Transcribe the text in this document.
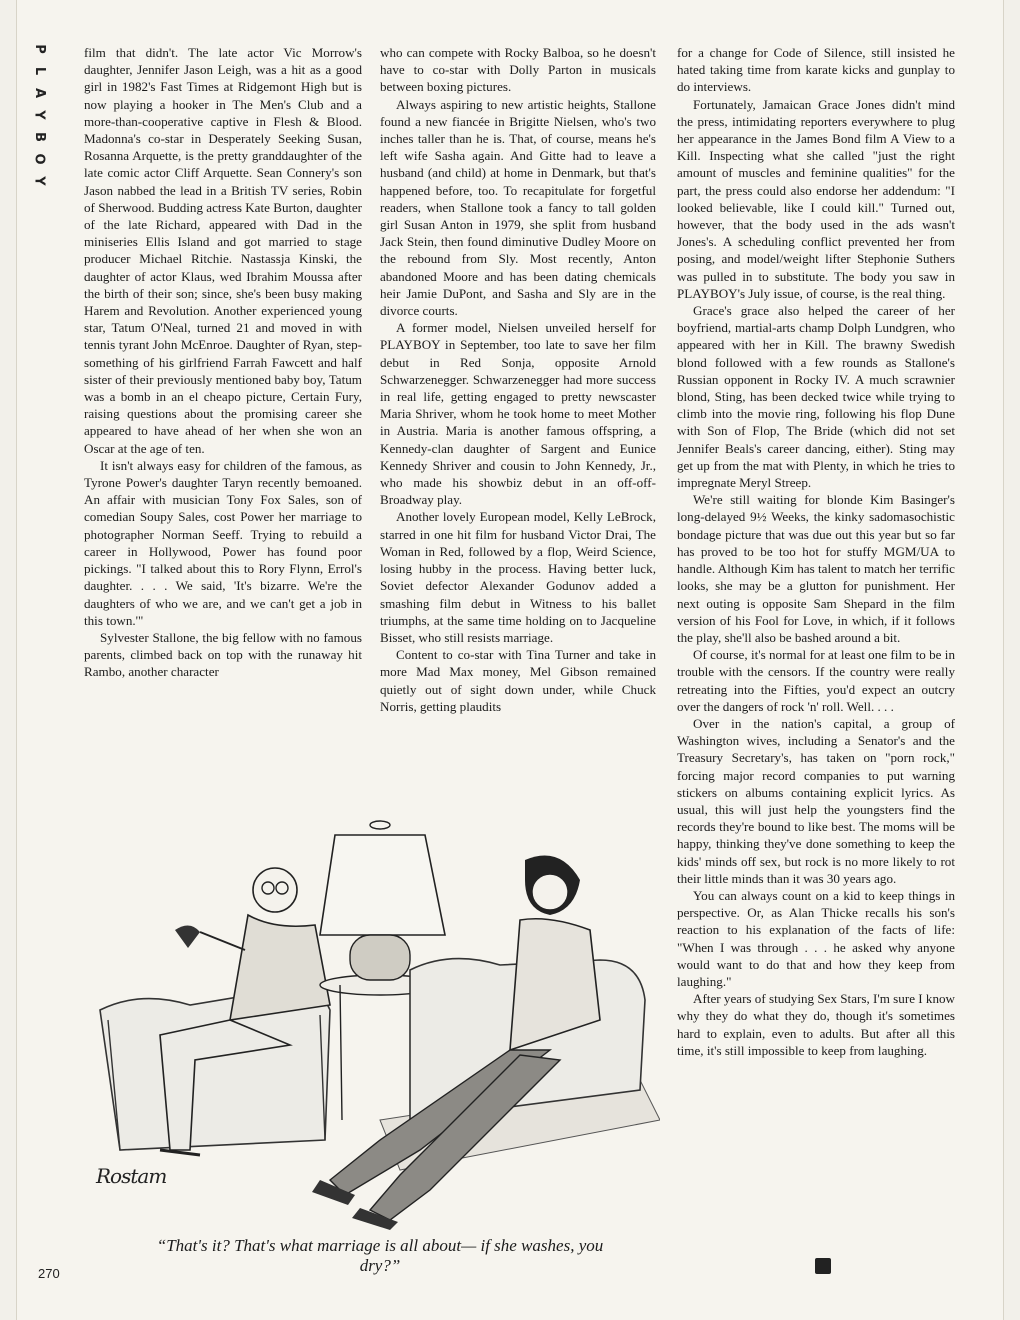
P
L
A
Y
B
O
Y

film that didn't. The late actor Vic Morrow's daughter, Jennifer Jason Leigh, was a hit as a good girl in 1982's Fast Times at Ridgemont High but is now playing a hooker in The Men's Club and a more-than-cooperative captive in Flesh & Blood. Madonna's co-star in Desperately Seeking Susan, Rosanna Arquette, is the pretty granddaughter of the late comic actor Cliff Arquette. Sean Connery's son Jason nabbed the lead in a British TV series, Robin of Sherwood. Budding actress Kate Burton, daughter of the late Richard, appeared with Dad in the miniseries Ellis Island and got married to stage producer Michael Ritchie. Nastassja Kinski, the daughter of actor Klaus, wed Ibrahim Moussa after the birth of their son; since, she's been busy making Harem and Revolution. Another experienced young star, Tatum O'Neal, turned 21 and moved in with tennis tyrant John McEnroe. Daughter of Ryan, step-something of his girlfriend Farrah Fawcett and half sister of their previously mentioned baby boy, Tatum was a bomb in an el cheapo picture, Certain Fury, raising questions about the promising career she appeared to have ahead of her when she won an Oscar at the age of ten.

It isn't always easy for children of the famous, as Tyrone Power's daughter Taryn recently bemoaned. An affair with musician Tony Fox Sales, son of comedian Soupy Sales, cost Power her marriage to photographer Norman Seeff. Trying to rebuild a career in Hollywood, Power has found poor pickings. "I talked about this to Rory Flynn, Errol's daughter. . . . We said, 'It's bizarre. We're the daughters of who we are, and we can't get a job in this town.'"

Sylvester Stallone, the big fellow with no famous parents, climbed back on top with the runaway hit Rambo, another character

who can compete with Rocky Balboa, so he doesn't have to co-star with Dolly Parton in musicals between boxing pictures.

Always aspiring to new artistic heights, Stallone found a new fiancée in Brigitte Nielsen, who's two inches taller than he is. That, of course, means he's left wife Sasha again. And Gitte had to leave a husband (and child) at home in Denmark, but that's happened before, too. To recapitulate for forgetful readers, when Stallone took a fancy to tall golden girl Susan Anton in 1979, she split from husband Jack Stein, then found diminutive Dudley Moore on the rebound from Sly. Most recently, Anton abandoned Moore and has been dating chemicals heir Jamie DuPont, and Sasha and Sly are in the divorce courts.

A former model, Nielsen unveiled herself for PLAYBOY in September, too late to save her film debut in Red Sonja, opposite Arnold Schwarzenegger. Schwarzenegger had more success in real life, getting engaged to pretty newscaster Maria Shriver, whom he took home to meet Mother in Austria. Maria is another famous offspring, a Kennedy-clan daughter of Sargent and Eunice Kennedy Shriver and cousin to John Kennedy, Jr., who made his showbiz debut in an off-off-Broadway play.

Another lovely European model, Kelly LeBrock, starred in one hit film for husband Victor Drai, The Woman in Red, followed by a flop, Weird Science, losing hubby in the process. Having better luck, Soviet defector Alexander Godunov added a smashing film debut in Witness to his ballet triumphs, at the same time holding on to Jacqueline Bisset, who still resists marriage.

Content to co-star with Tina Turner and take in more Mad Max money, Mel Gibson remained quietly out of sight down under, while Chuck Norris, getting plaudits

for a change for Code of Silence, still insisted he hated taking time from karate kicks and gunplay to do interviews.

Fortunately, Jamaican Grace Jones didn't mind the press, intimidating reporters everywhere to plug her appearance in the James Bond film A View to a Kill. Inspecting what she called "just the right amount of muscles and feminine qualities" for the part, the press could also endorse her addendum: "I looked believable, like I could kill." Turned out, however, that the body used in the ads wasn't Jones's. A scheduling conflict prevented her from posing, and model/weight lifter Stephonie Suthers was pulled in to substitute. The body you saw in PLAYBOY's July issue, of course, is the real thing.

Grace's grace also helped the career of her boyfriend, martial-arts champ Dolph Lundgren, who appeared with her in Kill. The brawny Swedish blond followed with a few rounds as Stallone's Russian opponent in Rocky IV. A much scrawnier blond, Sting, has been decked twice while trying to climb into the movie ring, following his flop Dune with Son of Flop, The Bride (which did not set Jennifer Beals's career dancing, either). Sting may get up from the mat with Plenty, in which he tries to impregnate Meryl Streep.

We're still waiting for blonde Kim Basinger's long-delayed 9½ Weeks, the kinky sadomasochistic bondage picture that was due out this year but so far has proved to be too hot for stuffy MGM/UA to handle. Although Kim has talent to match her terrific looks, she may be a glutton for punishment. Her next outing is opposite Sam Shepard in the film version of his Fool for Love, in which, if it follows the play, she'll also be bashed around a bit.

Of course, it's normal for at least one film to be in trouble with the censors. If the country were really retreating into the Fifties, you'd expect an outcry over the dangers of rock 'n' roll. Well. . . .

Over in the nation's capital, a group of Washington wives, including a Senator's and the Treasury Secretary's, has taken on "porn rock," forcing major record companies to put warning stickers on albums containing explicit lyrics. As usual, this will just help the youngsters find the records they're bound to like best. The moms will be happy, thinking they've done something to keep the kids' minds off sex, but rock is no more likely to rot their little minds than it was 30 years ago.

You can always count on a kid to keep things in perspective. Or, as Alan Thicke recalls his son's reaction to his explanation of the facts of life: "When I was through . . . he asked why anyone would want to do that and how they keep from laughing."

After years of studying Sex Stars, I'm sure I know why they do what they do, though it's sometimes hard to explain, even to adults. But after all this time, it's still impossible to keep from laughing.

Rostam
“That's it? That's what marriage is all about— if she washes, you dry?”
270
